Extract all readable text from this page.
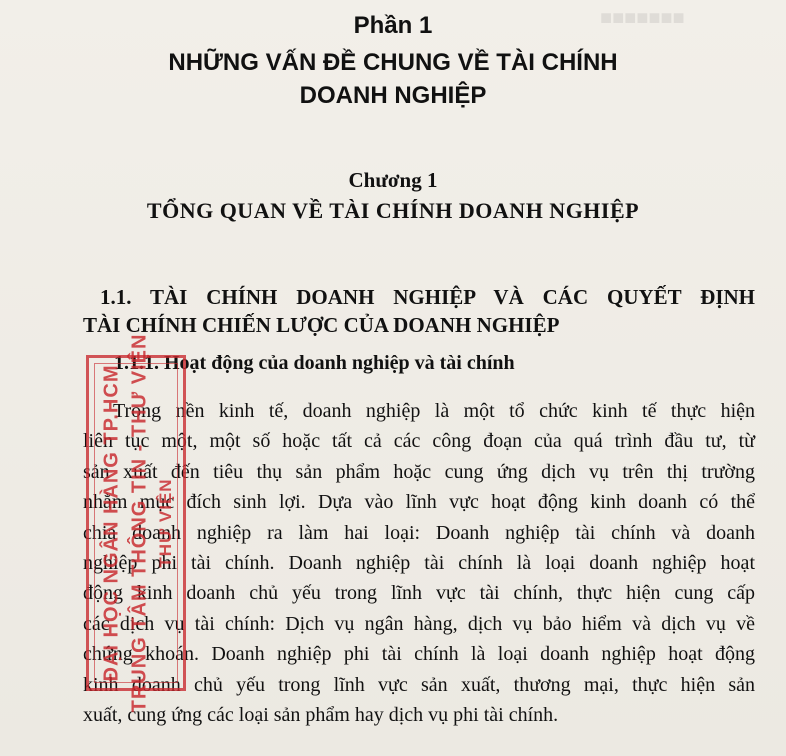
■■■■■■■
Phần 1
NHỮNG VẤN ĐỀ CHUNG VỀ TÀI CHÍNH
DOANH NGHIỆP
Chương 1
TỔNG QUAN VỀ TÀI CHÍNH DOANH NGHIỆP
1.1. TÀI CHÍNH DOANH NGHIỆP VÀ CÁC QUYẾT ĐỊNH
TÀI CHÍNH CHIẾN LƯỢC CỦA DOANH NGHIỆP
1.1.1. Hoạt động của doanh nghiệp và tài chính
Trong nền kinh tế, doanh nghiệp là một tổ chức kinh tế thực hiện
liên tục một, một số hoặc tất cả các công đoạn của quá trình đầu tư, từ
sản xuất đến tiêu thụ sản phẩm hoặc cung ứng dịch vụ trên thị trường
nhằm mục đích sinh lợi. Dựa vào lĩnh vực hoạt động kinh doanh có thể
chia doanh nghiệp ra làm hai loại: Doanh nghiệp tài chính và doanh
nghiệp phi tài chính. Doanh nghiệp tài chính là loại doanh nghiệp hoạt
động kinh doanh chủ yếu trong lĩnh vực tài chính, thực hiện cung cấp
các dịch vụ tài chính: Dịch vụ ngân hàng, dịch vụ bảo hiểm và dịch vụ về
chứng khoán. Doanh nghiệp phi tài chính là loại doanh nghiệp hoạt động
kinh doanh chủ yếu trong lĩnh vực sản xuất, thương mại, thực hiện sản
xuất, cung ứng các loại sản phẩm hay dịch vụ phi tài chính.
ĐẠI HỌC NGÂN HÀNG TP.HCM TRUNG TÂM THÔNG TIN - THƯ VIỆN THƯ VIỆN
